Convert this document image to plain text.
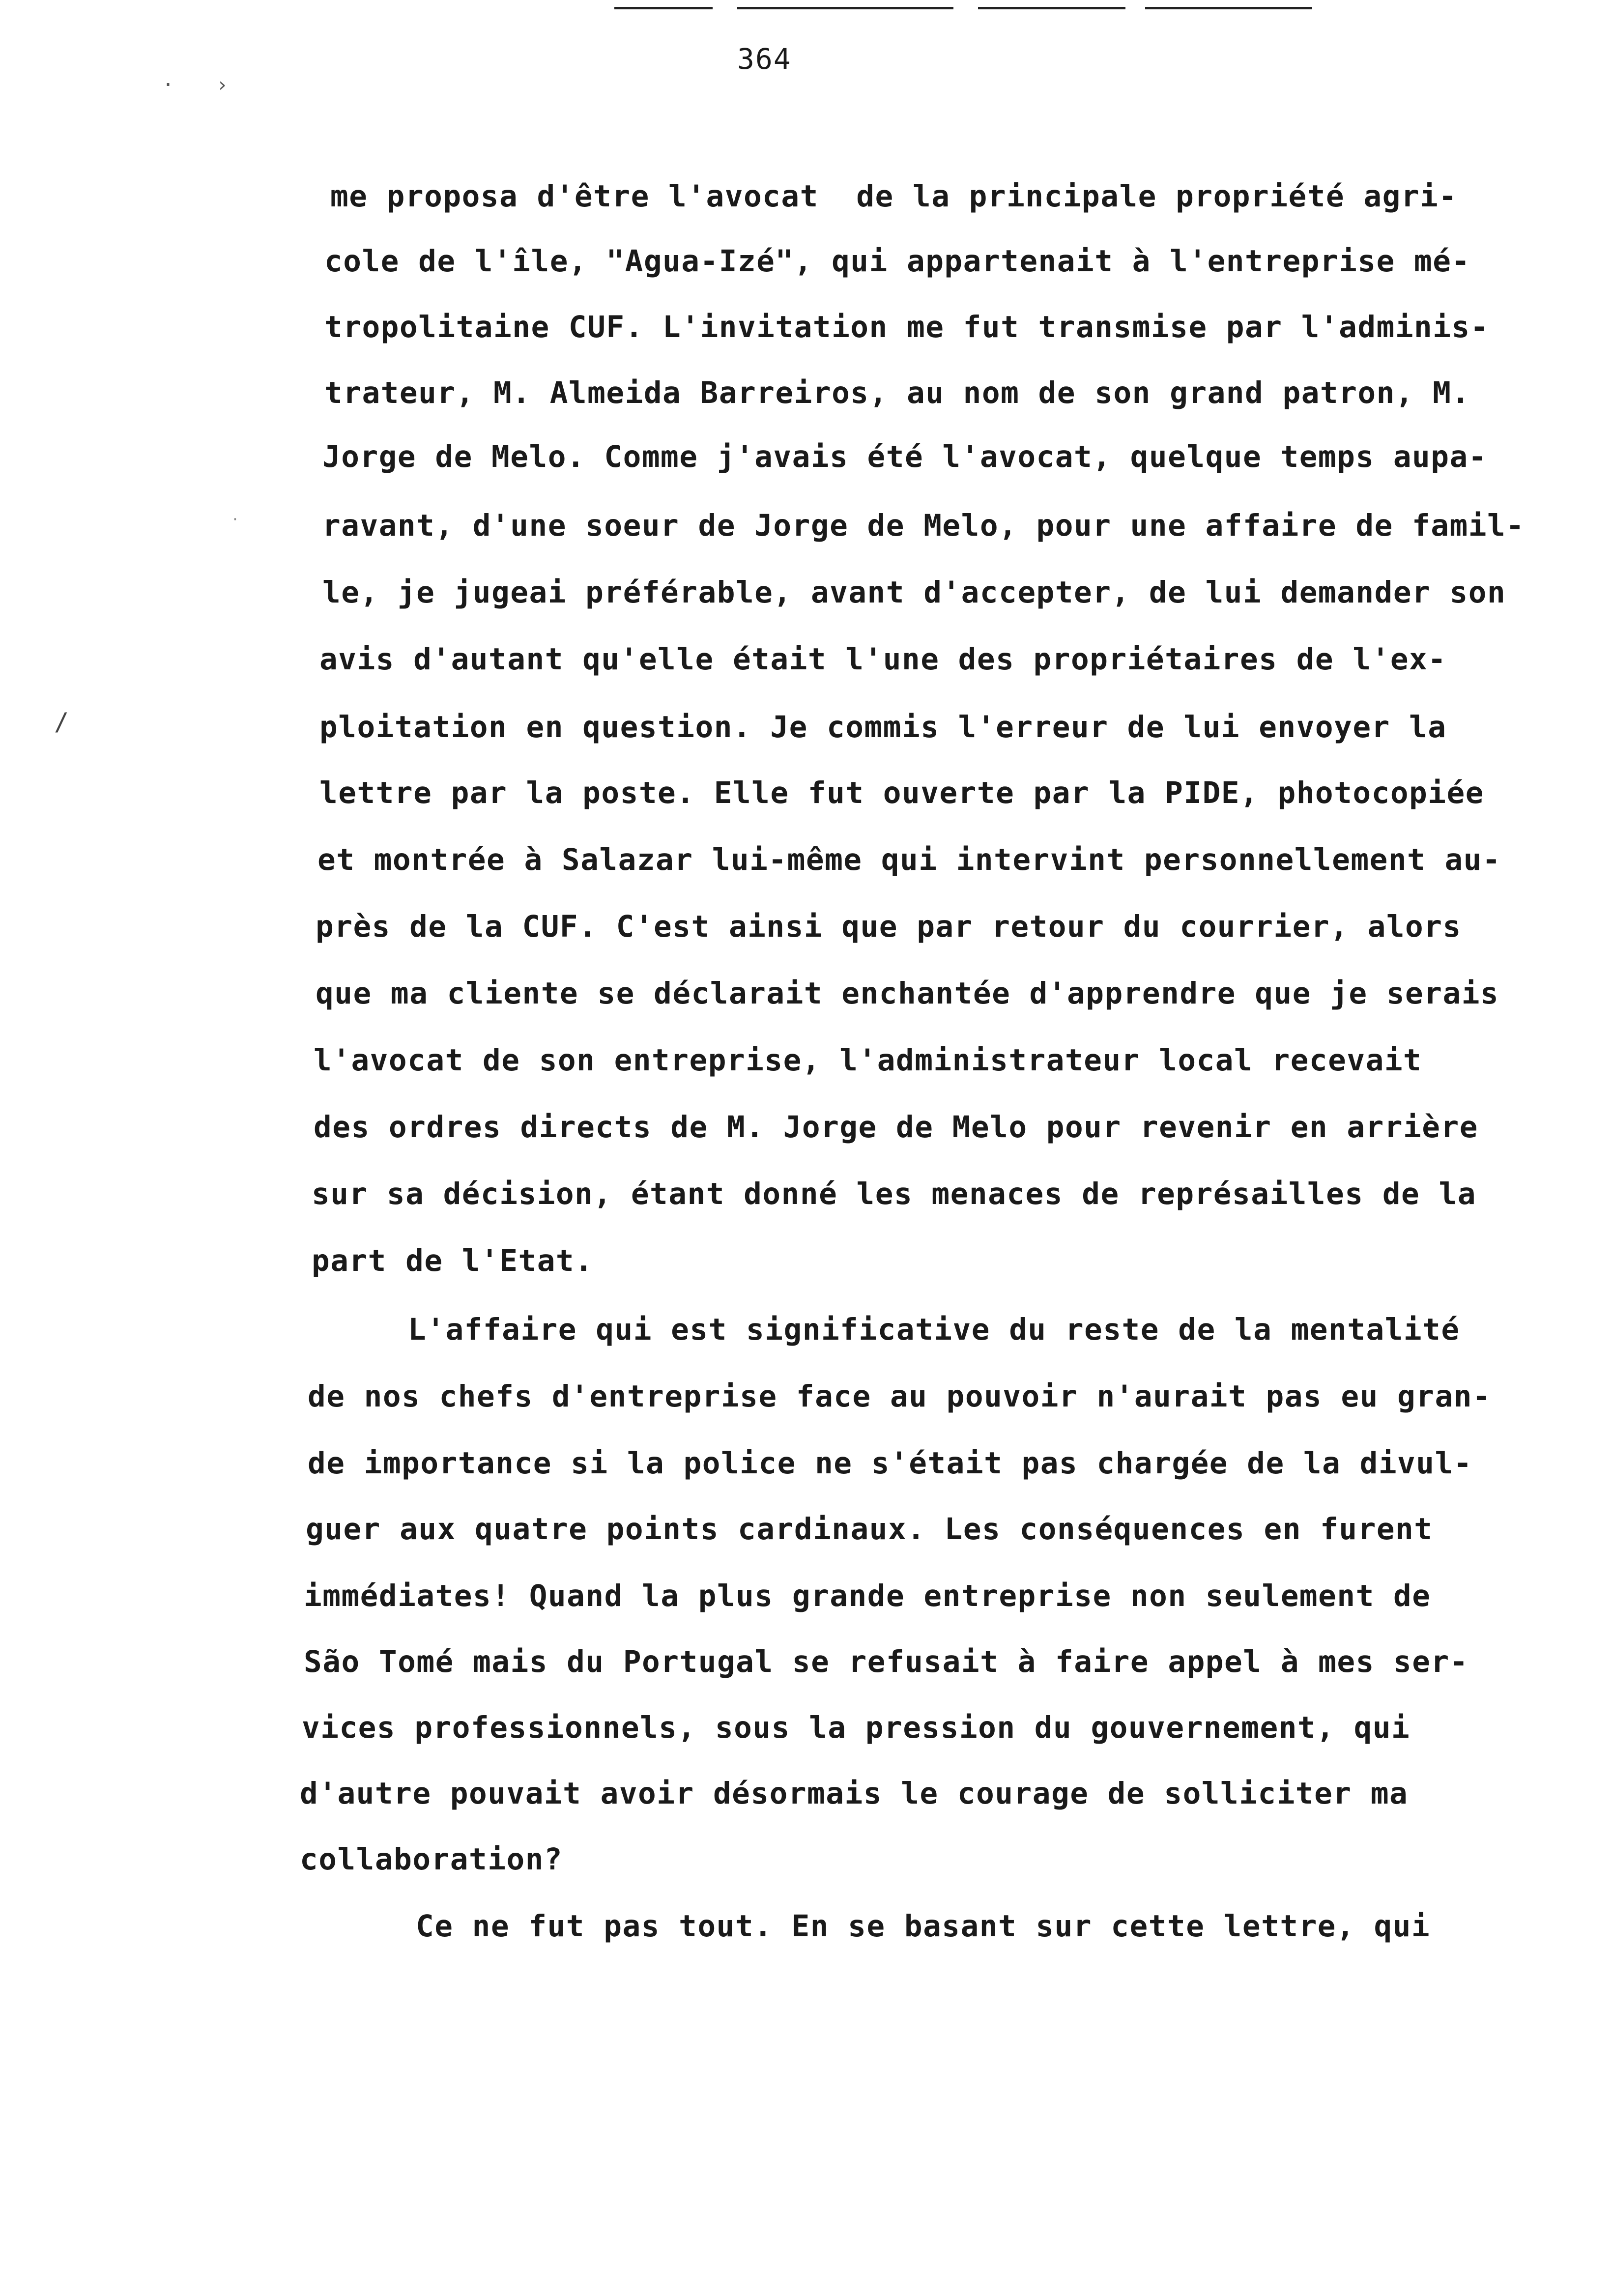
· ›
·
/
364
me proposa d'être l'avocat  de la principale propriété agri-
cole de l'île, "Agua-Izé", qui appartenait à l'entreprise mé-
tropolitaine CUF. L'invitation me fut transmise par l'adminis-
trateur, M. Almeida Barreiros, au nom de son grand patron, M.
Jorge de Melo. Comme j'avais été l'avocat, quelque temps aupa-
ravant, d'une soeur de Jorge de Melo, pour une affaire de famil-
le, je jugeai préférable, avant d'accepter, de lui demander son
avis d'autant qu'elle était l'une des propriétaires de l'ex-
ploitation en question. Je commis l'erreur de lui envoyer la
lettre par la poste. Elle fut ouverte par la PIDE, photocopiée
et montrée à Salazar lui-même qui intervint personnellement au-
près de la CUF. C'est ainsi que par retour du courrier, alors
que ma cliente se déclarait enchantée d'apprendre que je serais
l'avocat de son entreprise, l'administrateur local recevait
des ordres directs de M. Jorge de Melo pour revenir en arrière
sur sa décision, étant donné les menaces de représailles de la
part de l'Etat.
L'affaire qui est significative du reste de la mentalité
de nos chefs d'entreprise face au pouvoir n'aurait pas eu gran-
de importance si la police ne s'était pas chargée de la divul-
guer aux quatre points cardinaux. Les conséquences en furent
immédiates! Quand la plus grande entreprise non seulement de
São Tomé mais du Portugal se refusait à faire appel à mes ser-
vices professionnels, sous la pression du gouvernement, qui
d'autre pouvait avoir désormais le courage de solliciter ma
collaboration?
Ce ne fut pas tout. En se basant sur cette lettre, qui
